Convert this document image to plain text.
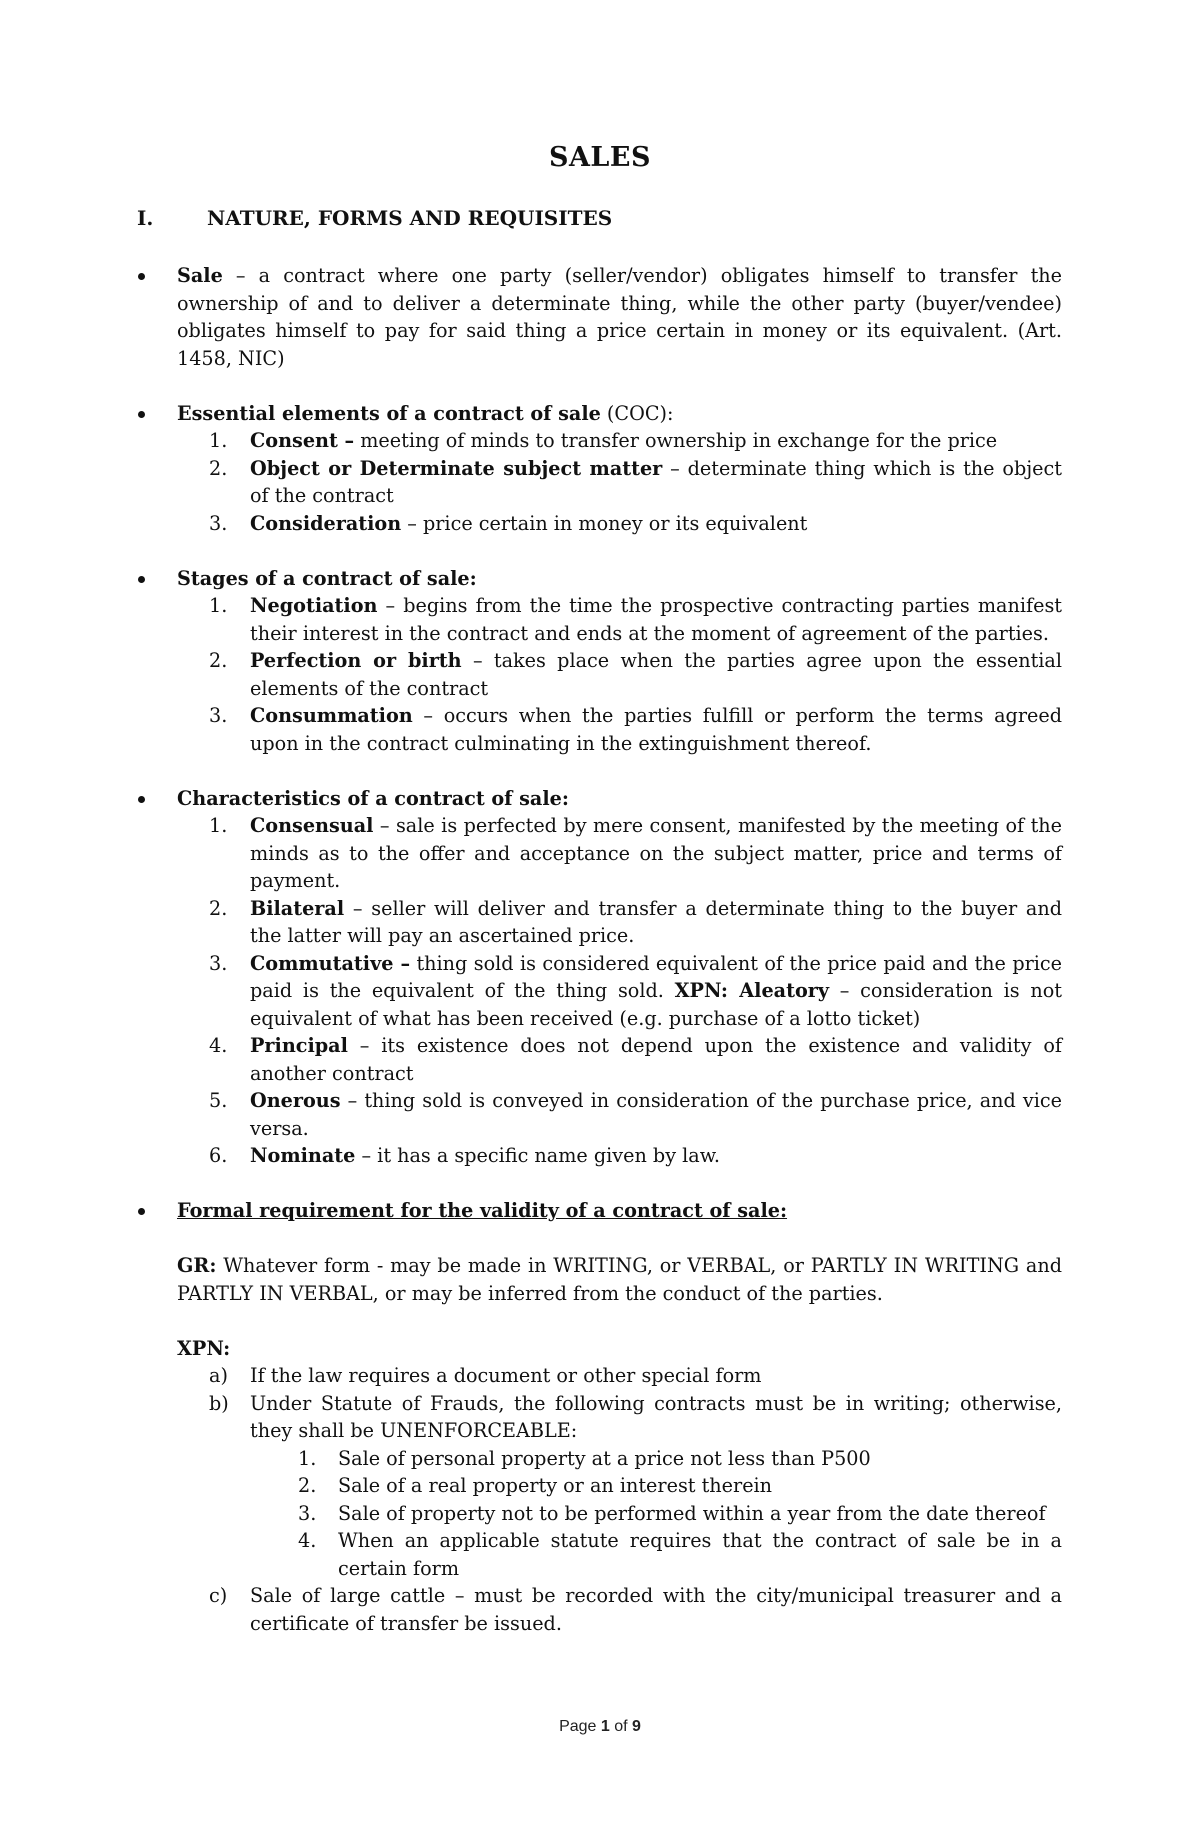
SALES
I.	NATURE, FORMS AND REQUISITES
Sale – a contract where one party (seller/vendor) obligates himself to transfer the ownership of and to deliver a determinate thing, while the other party (buyer/vendee) obligates himself to pay for said thing a price certain in money or its equivalent. (Art. 1458, NIC)
Essential elements of a contract of sale (COC):
1.	Consent – meeting of minds to transfer ownership in exchange for the price
2.	Object or Determinate subject matter – determinate thing which is the object of the contract
3.	Consideration – price certain in money or its equivalent
Stages of a contract of sale:
1.	Negotiation – begins from the time the prospective contracting parties manifest their interest in the contract and ends at the moment of agreement of the parties.
2.	Perfection or birth – takes place when the parties agree upon the essential elements of the contract
3.	Consummation – occurs when the parties fulfill or perform the terms agreed upon in the contract culminating in the extinguishment thereof.
Characteristics of a contract of sale:
1.	Consensual – sale is perfected by mere consent, manifested by the meeting of the minds as to the offer and acceptance on the subject matter, price and terms of payment.
2.	Bilateral – seller will deliver and transfer a determinate thing to the buyer and the latter will pay an ascertained price.
3.	Commutative – thing sold is considered equivalent of the price paid and the price paid is the equivalent of the thing sold. XPN: Aleatory – consideration is not equivalent of what has been received (e.g. purchase of a lotto ticket)
4.	Principal – its existence does not depend upon the existence and validity of another contract
5.	Onerous – thing sold is conveyed in consideration of the purchase price, and vice versa.
6.	Nominate – it has a specific name given by law.
Formal requirement for the validity of a contract of sale:
GR: Whatever form - may be made in WRITING, or VERBAL, or PARTLY IN WRITING and PARTLY IN VERBAL, or may be inferred from the conduct of the parties.
XPN:
a)	If the law requires a document or other special form
b)	Under Statute of Frauds, the following contracts must be in writing; otherwise, they shall be UNENFORCEABLE:
1.	Sale of personal property at a price not less than P500
2.	Sale of a real property or an interest therein
3.	Sale of property not to be performed within a year from the date thereof
4.	When an applicable statute requires that the contract of sale be in a certain form
c)	Sale of large cattle – must be recorded with the city/municipal treasurer and a certificate of transfer be issued.
Page 1 of 9
